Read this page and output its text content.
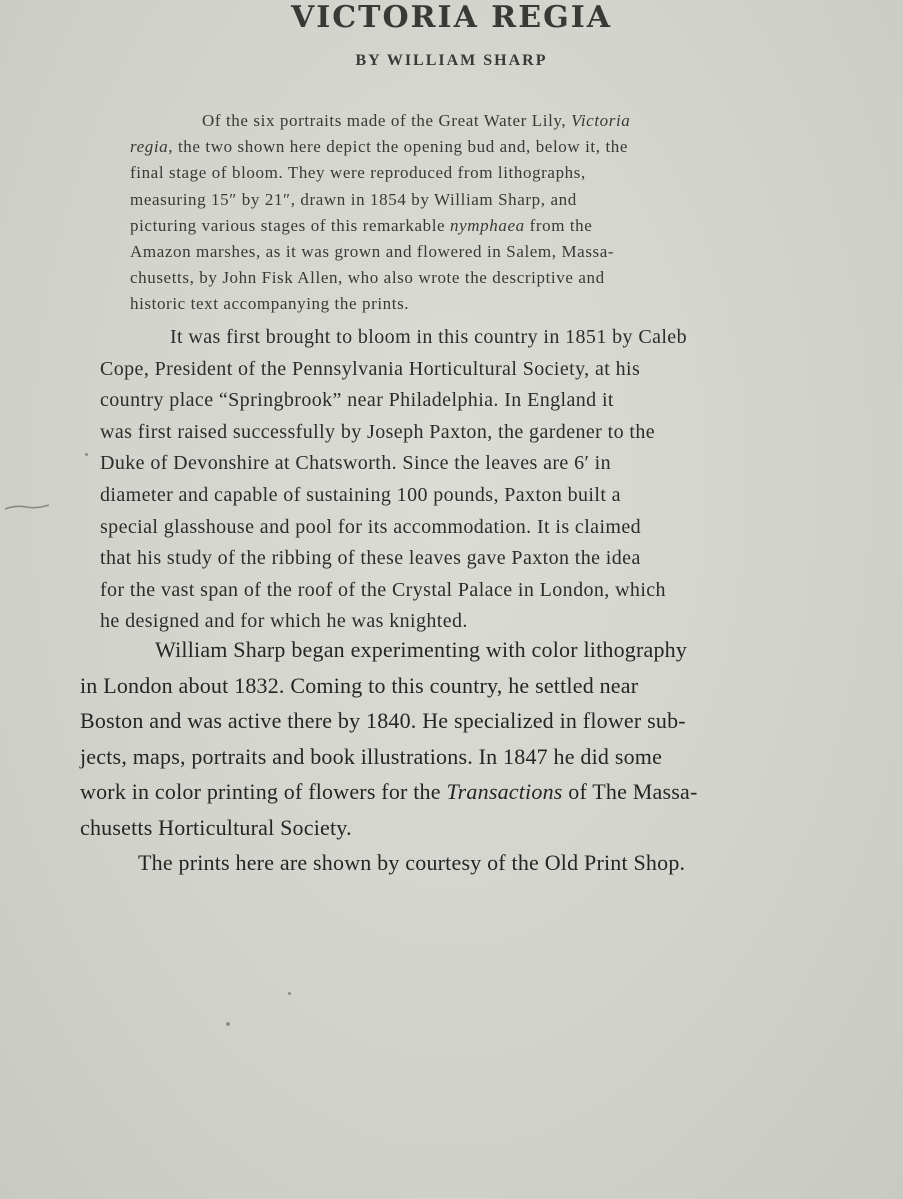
VICTORIA REGIA
BY WILLIAM SHARP
Of the six portraits made of the Great Water Lily, Victoria
regia, the two shown here depict the opening bud and, below it, the
final stage of bloom. They were reproduced from lithographs,
measuring 15″ by 21″, drawn in 1854 by William Sharp, and
picturing various stages of this remarkable nymphaea from the
Amazon marshes, as it was grown and flowered in Salem, Massa-
chusetts, by John Fisk Allen, who also wrote the descriptive and
historic text accompanying the prints.
It was first brought to bloom in this country in 1851 by Caleb
Cope, President of the Pennsylvania Horticultural Society, at his
country place “Springbrook” near Philadelphia. In England it
was first raised successfully by Joseph Paxton, the gardener to the
Duke of Devonshire at Chatsworth. Since the leaves are 6′ in
diameter and capable of sustaining 100 pounds, Paxton built a
special glasshouse and pool for its accommodation. It is claimed
that his study of the ribbing of these leaves gave Paxton the idea
for the vast span of the roof of the Crystal Palace in London, which
he designed and for which he was knighted.
William Sharp began experimenting with color lithography
in London about 1832. Coming to this country, he settled near
Boston and was active there by 1840. He specialized in flower sub-
jects, maps, portraits and book illustrations. In 1847 he did some
work in color printing of flowers for the Transactions of The Massa-
chusetts Horticultural Society.
The prints here are shown by courtesy of the Old Print Shop.
